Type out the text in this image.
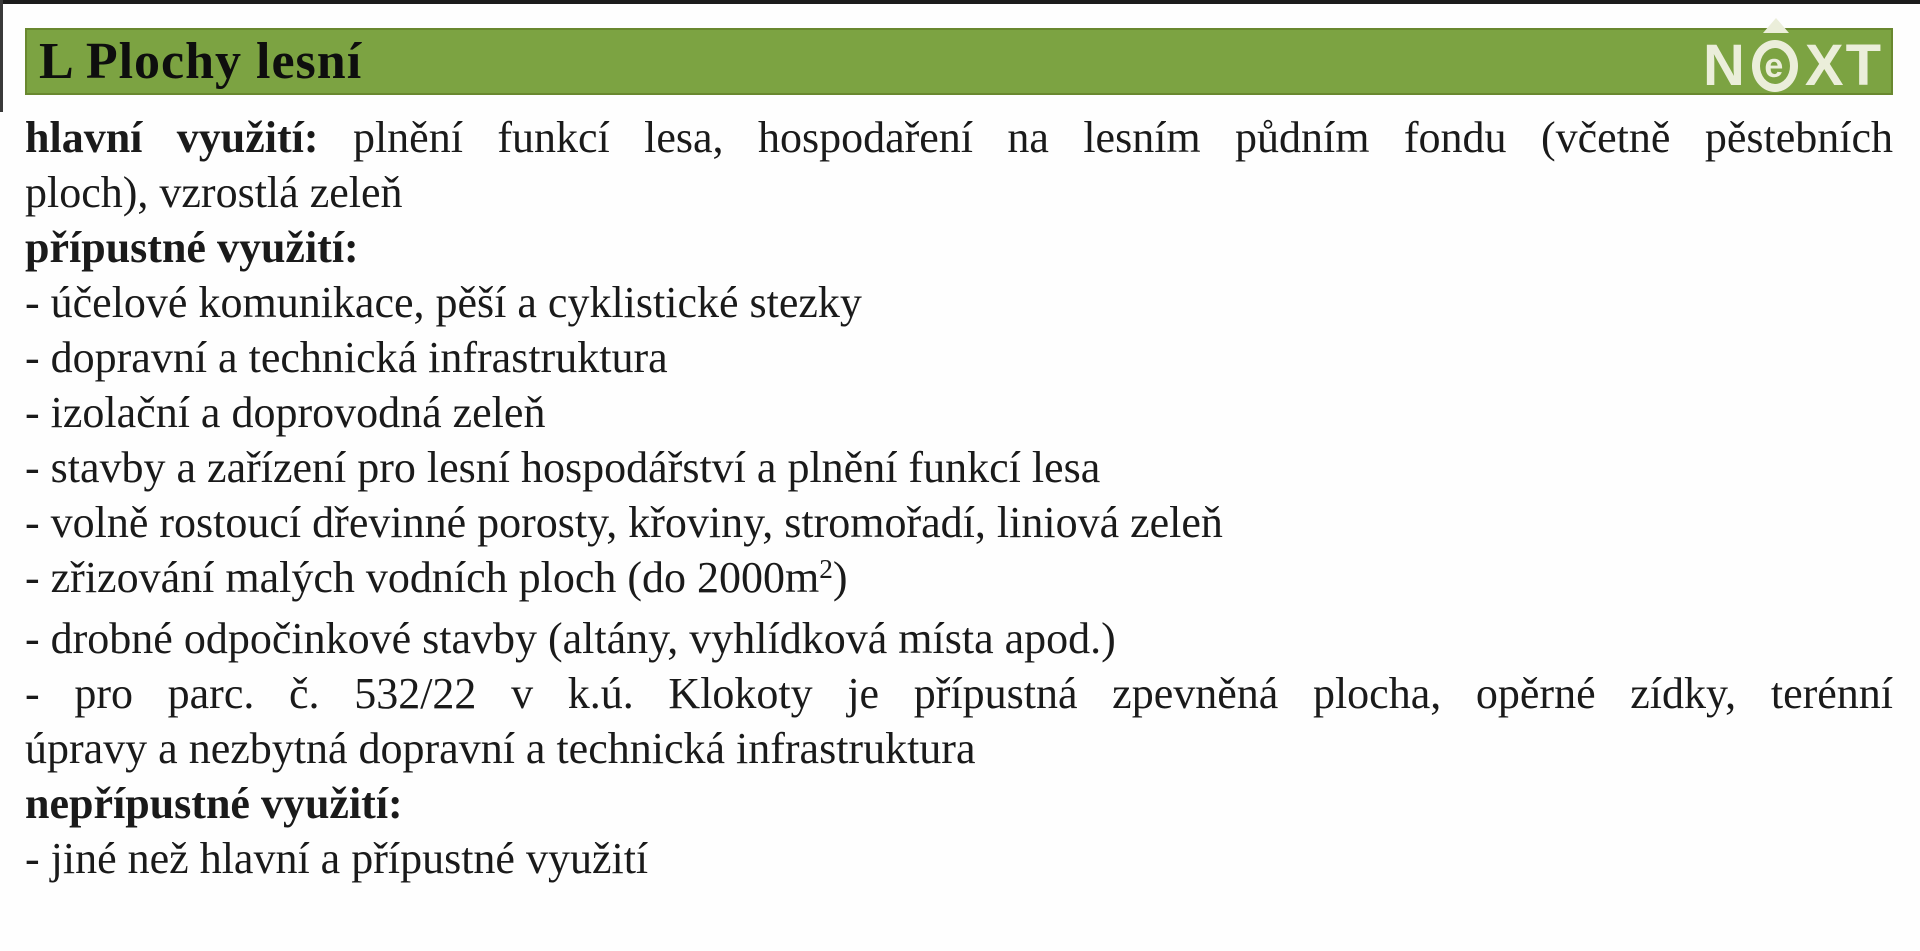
L Plochy lesní	N e X T
hlavní využití: plnění funkcí lesa, hospodaření na lesním půdním fondu (včetně pěstebních
ploch), vzrostlá zeleň
přípustné využití:
- účelové komunikace, pěší a cyklistické stezky
- dopravní a technická infrastruktura
- izolační a doprovodná zeleň
- stavby a zařízení pro lesní hospodářství a plnění funkcí lesa
- volně rostoucí dřevinné porosty, křoviny, stromořadí, liniová zeleň
- zřizování malých vodních ploch (do $2000m^2$)
- drobné odpočinkové stavby (altány, vyhlídková místa apod.)
- pro parc. č. 532/22 v k.ú. Klokoty je přípustná zpevněná plocha, opěrné zídky, terénní
úpravy a nezbytná dopravní a technická infrastruktura
nepřípustné využití:
- jiné než hlavní a přípustné využití
